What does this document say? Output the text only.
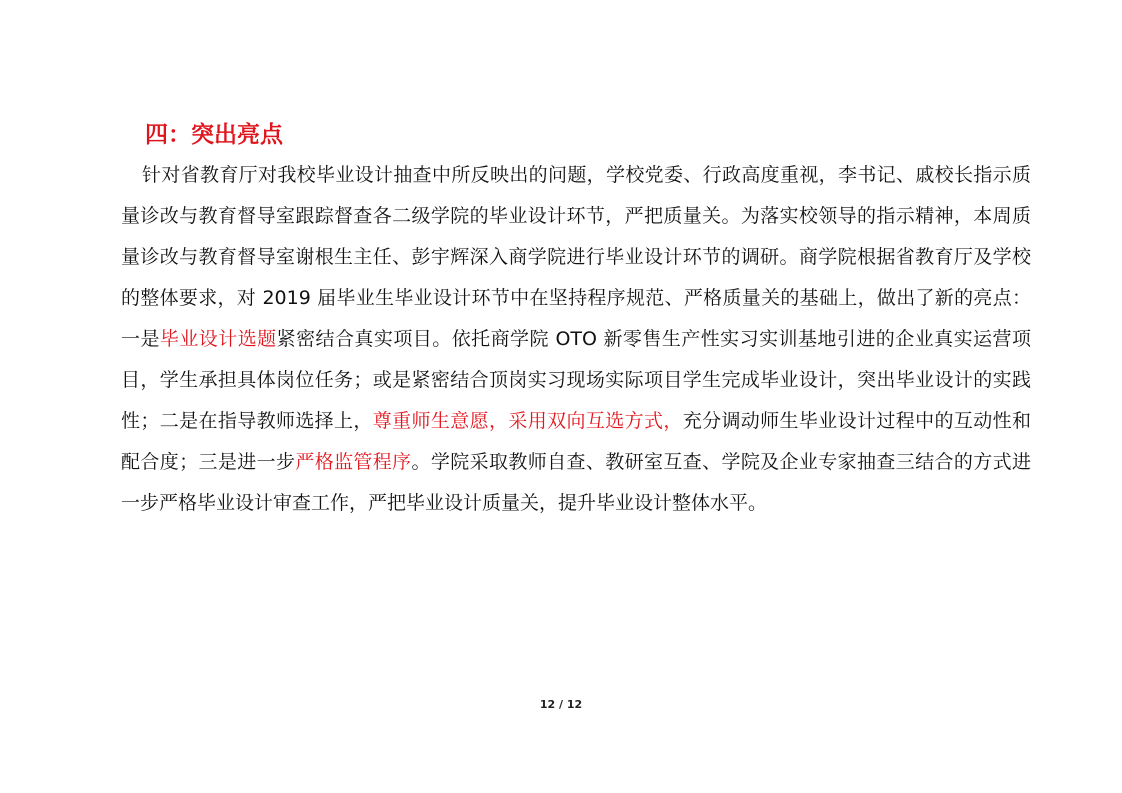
四：突出亮点
针对省教育厅对我校毕业设计抽查中所反映出的问题，学校党委、行政高度重视，李书记、戚校长指示质量诊改与教育督导室跟踪督查各二级学院的毕业设计环节，严把质量关。为落实校领导的指示精神，本周质量诊改与教育督导室谢根生主任、彭宇辉深入商学院进行毕业设计环节的调研。商学院根据省教育厅及学校的整体要求，对 2019 届毕业生毕业设计环节中在坚持程序规范、严格质量关的基础上，做出了新的亮点：一是毕业设计选题紧密结合真实项目。依托商学院 OTO 新零售生产性实习实训基地引进的企业真实运营项目，学生承担具体岗位任务；或是紧密结合顶岗实习现场实际项目学生完成毕业设计，突出毕业设计的实践性；二是在指导教师选择上，尊重师生意愿，采用双向互选方式，充分调动师生毕业设计过程中的互动性和配合度；三是进一步严格监管程序。学院采取教师自查、教研室互查、学院及企业专家抽查三结合的方式进一步严格毕业设计审查工作，严把毕业设计质量关，提升毕业设计整体水平。
12 / 12
